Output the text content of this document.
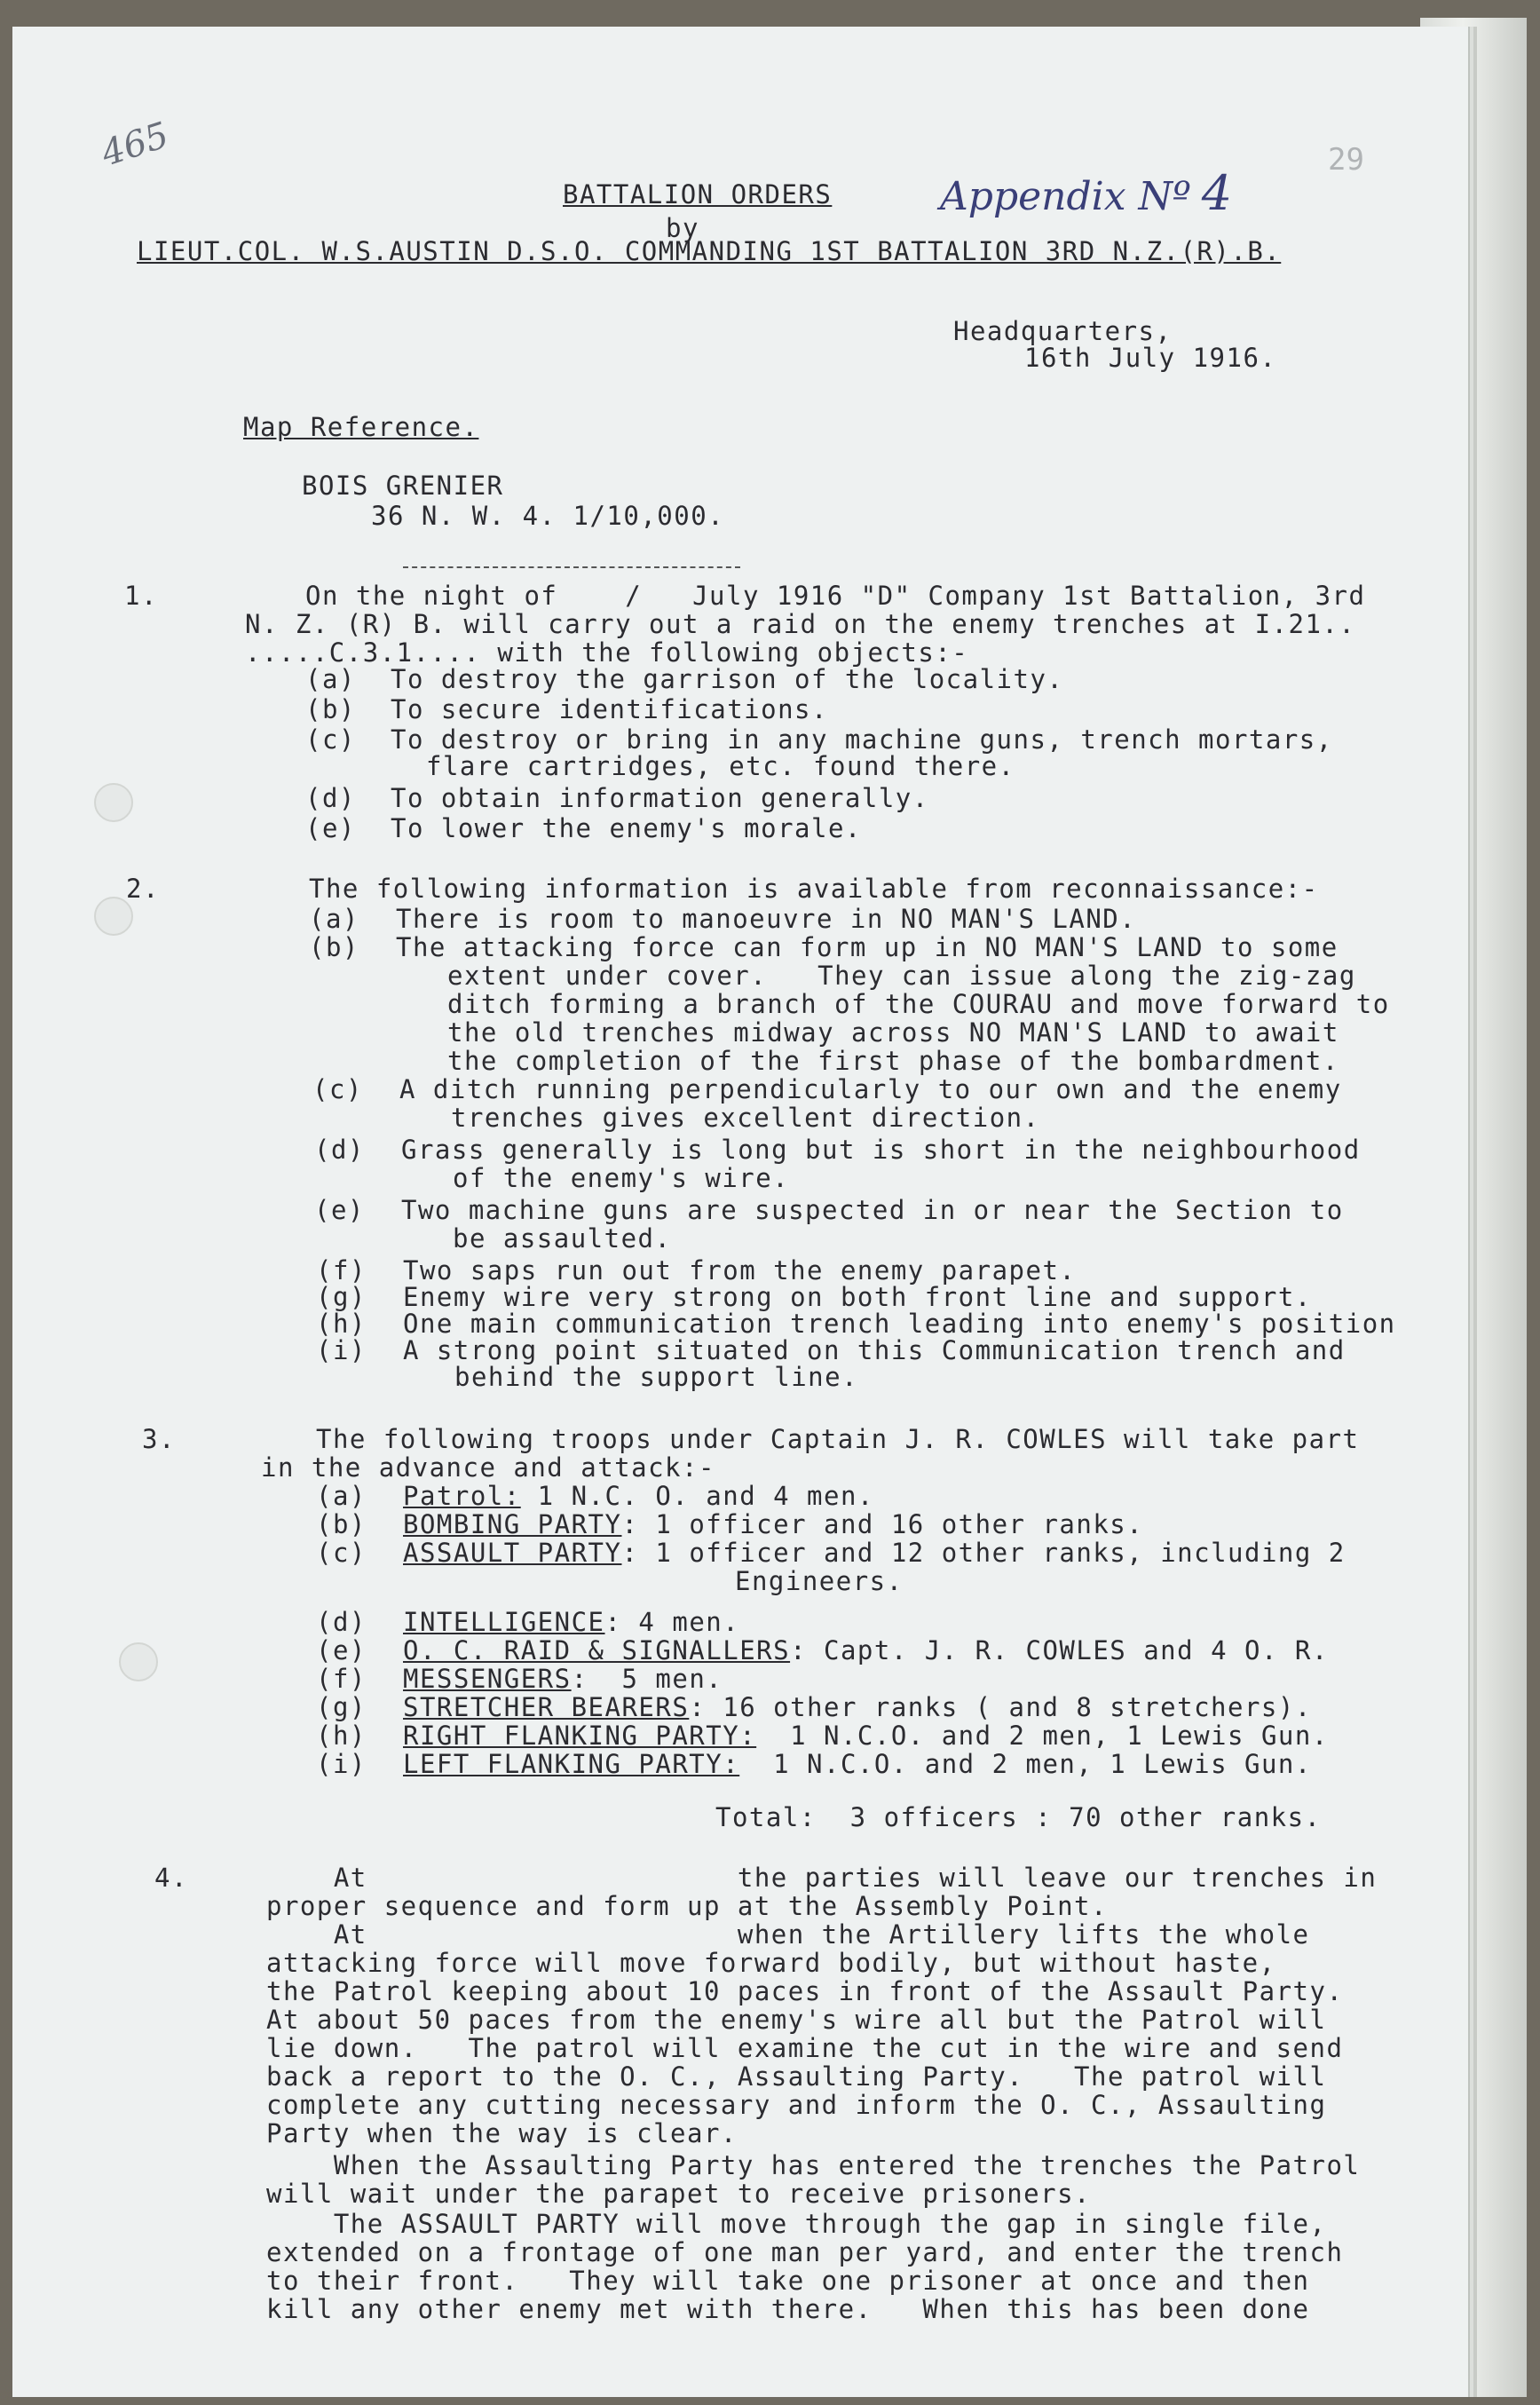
465
Appendix Nº 4
29
BATTALION ORDERS
by
LIEUT.COL. W.S.AUSTIN D.S.O. COMMANDING 1ST BATTALION 3RD N.Z.(R).B.
Headquarters,
16th July 1916.
Map Reference.
BOIS GRENIER
36 N. W. 4. 1/10,000.
1.	On the night of    /   July 1916 "D" Company 1st Battalion, 3rd
N. Z. (R) B. will carry out a raid on the enemy trenches at I.21..
.....C.3.1.... with the following objects:-
(a) To destroy the garrison of the locality.
(b) To secure identifications.
(c) To destroy or bring in any machine guns, trench mortars,
flare cartridges, etc. found there.
(d) To obtain information generally.
(e) To lower the enemy's morale.
2.	The following information is available from reconnaissance:-
(a) There is room to manoeuvre in NO MAN'S LAND.
(b) The attacking force can form up in NO MAN'S LAND to some
extent under cover.   They can issue along the zig-zag
ditch forming a branch of the COURAU and move forward to
the old trenches midway across NO MAN'S LAND to await
the completion of the first phase of the bombardment.
(c) A ditch running perpendicularly to our own and the enemy
trenches gives excellent direction.
(d) Grass generally is long but is short in the neighbourhood
of the enemy's wire.
(e) Two machine guns are suspected in or near the Section to
be assaulted.
(f) Two saps run out from the enemy parapet.
(g) Enemy wire very strong on both front line and support.
(h) One main communication trench leading into enemy's position
(i) A strong point situated on this Communication trench and
behind the support line.
3.	The following troops under Captain J. R. COWLES will take part
in the advance and attack:-
(a) Patrol: 1 N.C. O. and 4 men.
(b) BOMBING PARTY: 1 officer and 16 other ranks.
(c) ASSAULT PARTY: 1 officer and 12 other ranks, including 2
Engineers.
(d) INTELLIGENCE: 4 men.
(e) O. C. RAID & SIGNALLERS: Capt. J. R. COWLES and 4 O. R.
(f) MESSENGERS:  5 men.
(g) STRETCHER BEARERS: 16 other ranks ( and 8 stretchers).
(h) RIGHT FLANKING PARTY:  1 N.C.O. and 2 men, 1 Lewis Gun.
(i) LEFT FLANKING PARTY:  1 N.C.O. and 2 men, 1 Lewis Gun.
Total:  3 officers : 70 other ranks.
4.	At                      the parties will leave our trenches in
proper sequence and form up at the Assembly Point.
At                      when the Artillery lifts the whole
attacking force will move forward bodily, but without haste,
the Patrol keeping about 10 paces in front of the Assault Party.
At about 50 paces from the enemy's wire all but the Patrol will
lie down.   The patrol will examine the cut in the wire and send
back a report to the O. C., Assaulting Party.   The patrol will
complete any cutting necessary and inform the O. C., Assaulting
Party when the way is clear.
When the Assaulting Party has entered the trenches the Patrol
will wait under the parapet to receive prisoners.
The ASSAULT PARTY will move through the gap in single file,
extended on a frontage of one man per yard, and enter the trench
to their front.   They will take one prisoner at once and then
kill any other enemy met with there.   When this has been done
